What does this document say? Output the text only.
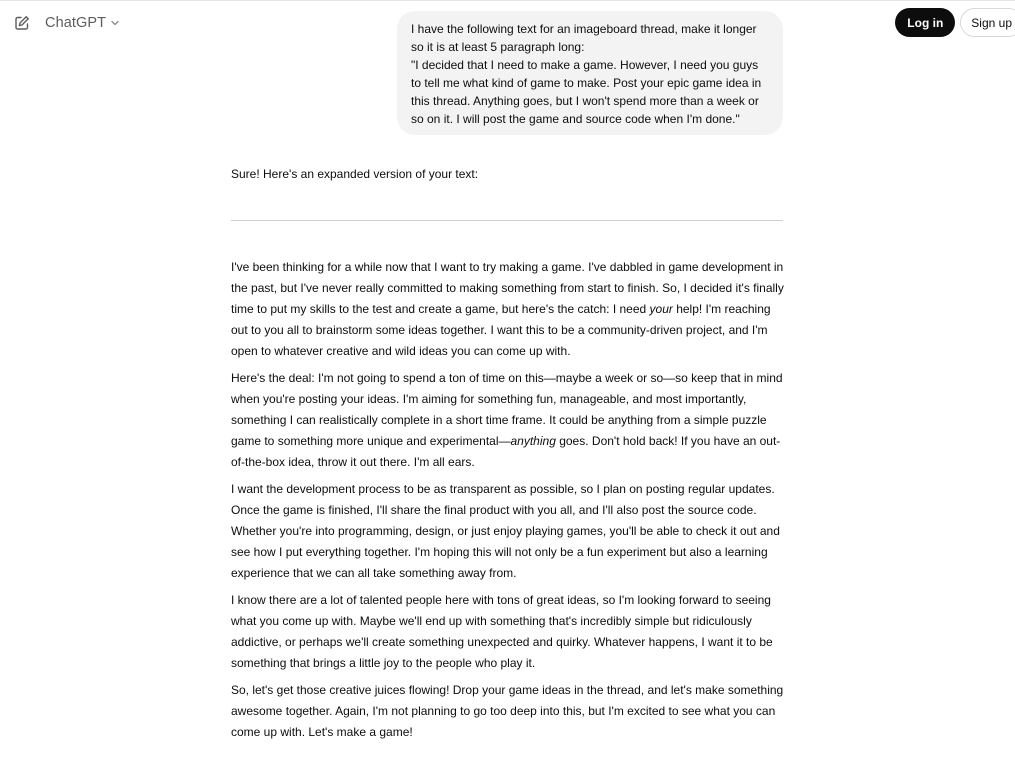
ChatGPT	Log in	Sign up

I have the following text for an imageboard thread, make it longer so it is at least 5 paragraph long:

"I decided that I need to make a game. However, I need you guys to tell me what kind of game to make. Post your epic game idea in this thread. Anything goes, but I won't spend more than a week or so on it. I will post the game and source code when I'm done."

Sure! Here's an expanded version of your text:

I've been thinking for a while now that I want to try making a game. I've dabbled in game development in the past, but I've never really committed to making something from start to finish. So, I decided it's finally time to put my skills to the test and create a game, but here's the catch: I need your help! I'm reaching out to you all to brainstorm some ideas together. I want this to be a community-driven project, and I'm open to whatever creative and wild ideas you can come up with.

Here's the deal: I'm not going to spend a ton of time on this—maybe a week or so—so keep that in mind when you're posting your ideas. I'm aiming for something fun, manageable, and most importantly, something I can realistically complete in a short time frame. It could be anything from a simple puzzle game to something more unique and experimental—anything goes. Don't hold back! If you have an out-of-the-box idea, throw it out there. I'm all ears.

I want the development process to be as transparent as possible, so I plan on posting regular updates. Once the game is finished, I'll share the final product with you all, and I'll also post the source code. Whether you're into programming, design, or just enjoy playing games, you'll be able to check it out and see how I put everything together. I'm hoping this will not only be a fun experiment but also a learning experience that we can all take something away from.

I know there are a lot of talented people here with tons of great ideas, so I'm looking forward to seeing what you come up with. Maybe we'll end up with something that's incredibly simple but ridiculously addictive, or perhaps we'll create something unexpected and quirky. Whatever happens, I want it to be something that brings a little joy to the people who play it.

So, let's get those creative juices flowing! Drop your game ideas in the thread, and let's make something awesome together. Again, I'm not planning to go too deep into this, but I'm excited to see what you can come up with. Let's make a game!
